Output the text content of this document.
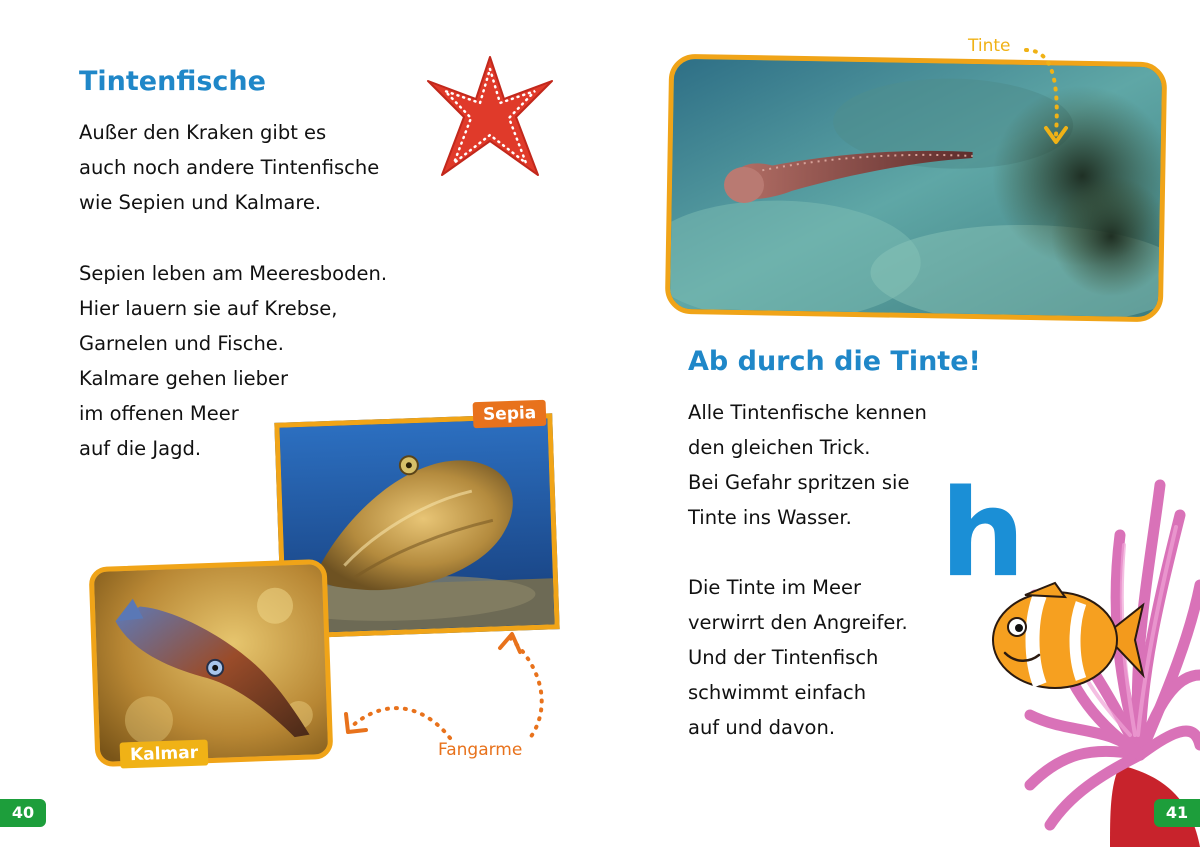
Tintenfische
Außer den Kraken gibt es
auch noch andere Tintenfische
wie Sepien und Kalmare.
Sepien leben am Meeresboden.
Hier lauern sie auf Krebse,
Garnelen und Fische.
Kalmare gehen lieber
im offenen Meer
auf die Jagd.
Sepia
Kalmar	Fangarme
40
Tinte
Ab durch die Tinte!
Alle Tintenfische kennen
den gleichen Trick.
Bei Gefahr spritzen sie
Tinte ins Wasser.
Die Tinte im Meer
verwirrt den Angreifer.
Und der Tintenfisch
schwimmt einfach
auf und davon.
h
41
